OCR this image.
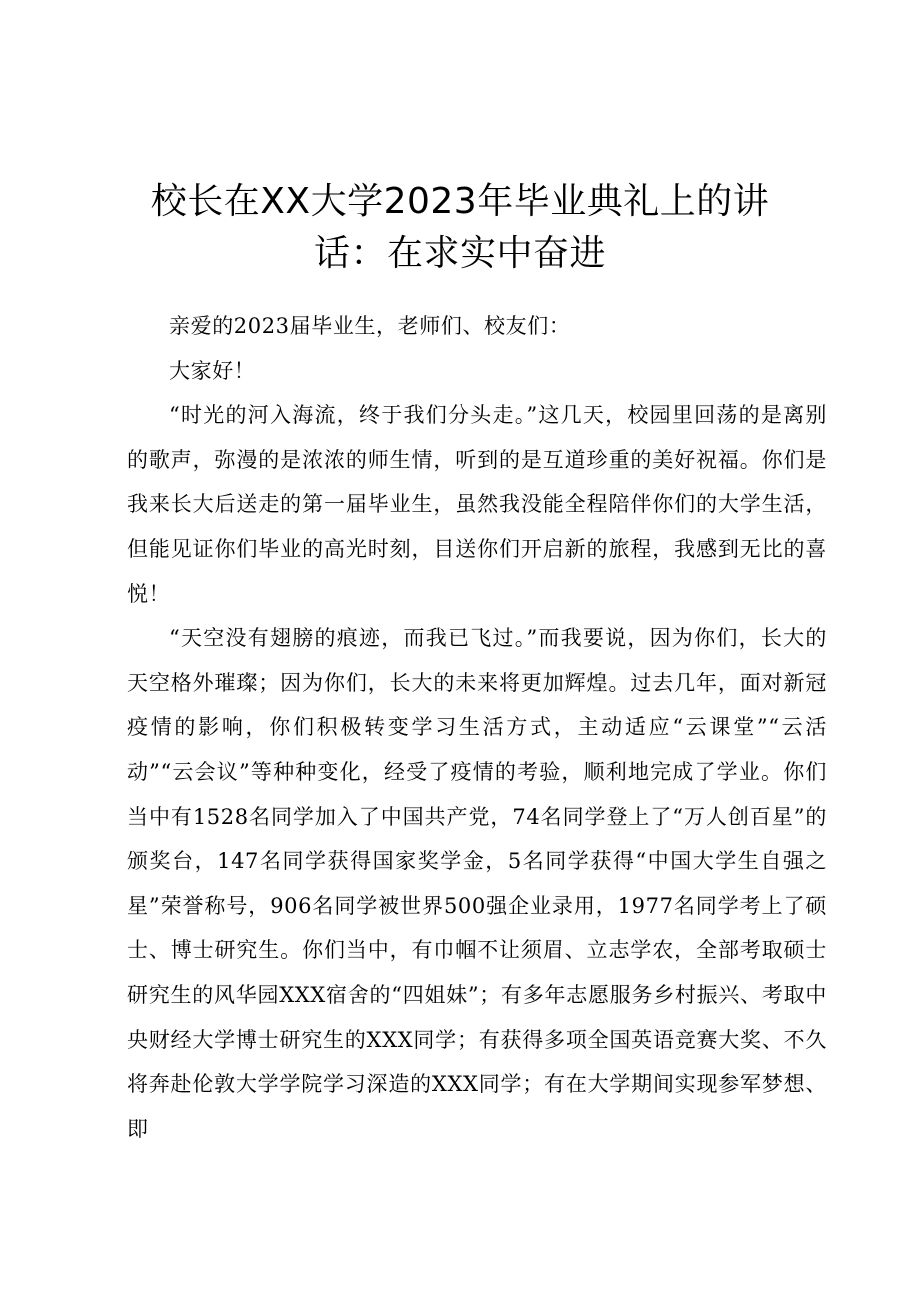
校长在XX大学2023年毕业典礼上的讲
话：在求实中奋进

亲爱的2023届毕业生，老师们、校友们：

大家好！

“时光的河入海流，终于我们分头走。”这几天，校园里回荡的是离别的歌声，弥漫的是浓浓的师生情，听到的是互道珍重的美好祝福。你们是我来长大后送走的第一届毕业生，虽然我没能全程陪伴你们的大学生活，但能见证你们毕业的高光时刻，目送你们开启新的旅程，我感到无比的喜悦！

“天空没有翅膀的痕迹，而我已飞过。”而我要说，因为你们，长大的天空格外璀璨；因为你们，长大的未来将更加辉煌。过去几年，面对新冠疫情的影响，你们积极转变学习生活方式，主动适应“云课堂”“云活动”“云会议”等种种变化，经受了疫情的考验，顺利地完成了学业。你们当中有1528名同学加入了中国共产党，74名同学登上了“万人创百星”的颁奖台，147名同学获得国家奖学金，5名同学获得“中国大学生自强之星”荣誉称号，906名同学被世界500强企业录用，1977名同学考上了硕士、博士研究生。你们当中，有巾帼不让须眉、立志学农，全部考取硕士研究生的风华园XXX宿舍的“四姐妹”；有多年志愿服务乡村振兴、考取中央财经大学博士研究生的XXX同学；有获得多项全国英语竞赛大奖、不久将奔赴伦敦大学学院学习深造的XXX同学；有在大学期间实现参军梦想、即
